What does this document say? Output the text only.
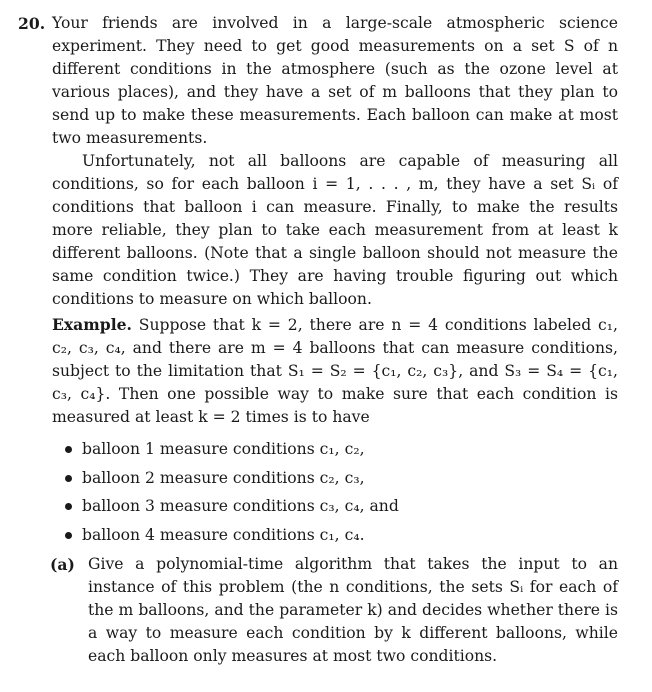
20. Your friends are involved in a large-scale atmospheric science experiment. They need to get good measurements on a set S of n different conditions in the atmosphere (such as the ozone level at various places), and they have a set of m balloons that they plan to send up to make these measurements. Each balloon can make at most two measurements.

Unfortunately, not all balloons are capable of measuring all conditions, so for each balloon i = 1, . . . , m, they have a set Sᵢ of conditions that balloon i can measure. Finally, to make the results more reliable, they plan to take each measurement from at least k different balloons. (Note that a single balloon should not measure the same condition twice.) They are having trouble figuring out which conditions to measure on which balloon.

Example. Suppose that k = 2, there are n = 4 conditions labeled c₁, c₂, c₃, c₄, and there are m = 4 balloons that can measure conditions, subject to the limitation that S₁ = S₂ = {c₁, c₂, c₃}, and S₃ = S₄ = {c₁, c₃, c₄}. Then one possible way to make sure that each condition is measured at least k = 2 times is to have

balloon 1 measure conditions c₁, c₂,
balloon 2 measure conditions c₂, c₃,
balloon 3 measure conditions c₃, c₄, and
balloon 4 measure conditions c₁, c₄.
(a) Give a polynomial-time algorithm that takes the input to an instance of this problem (the n conditions, the sets Sᵢ for each of the m balloons, and the parameter k) and decides whether there is a way to measure each condition by k different balloons, while each balloon only measures at most two conditions.
